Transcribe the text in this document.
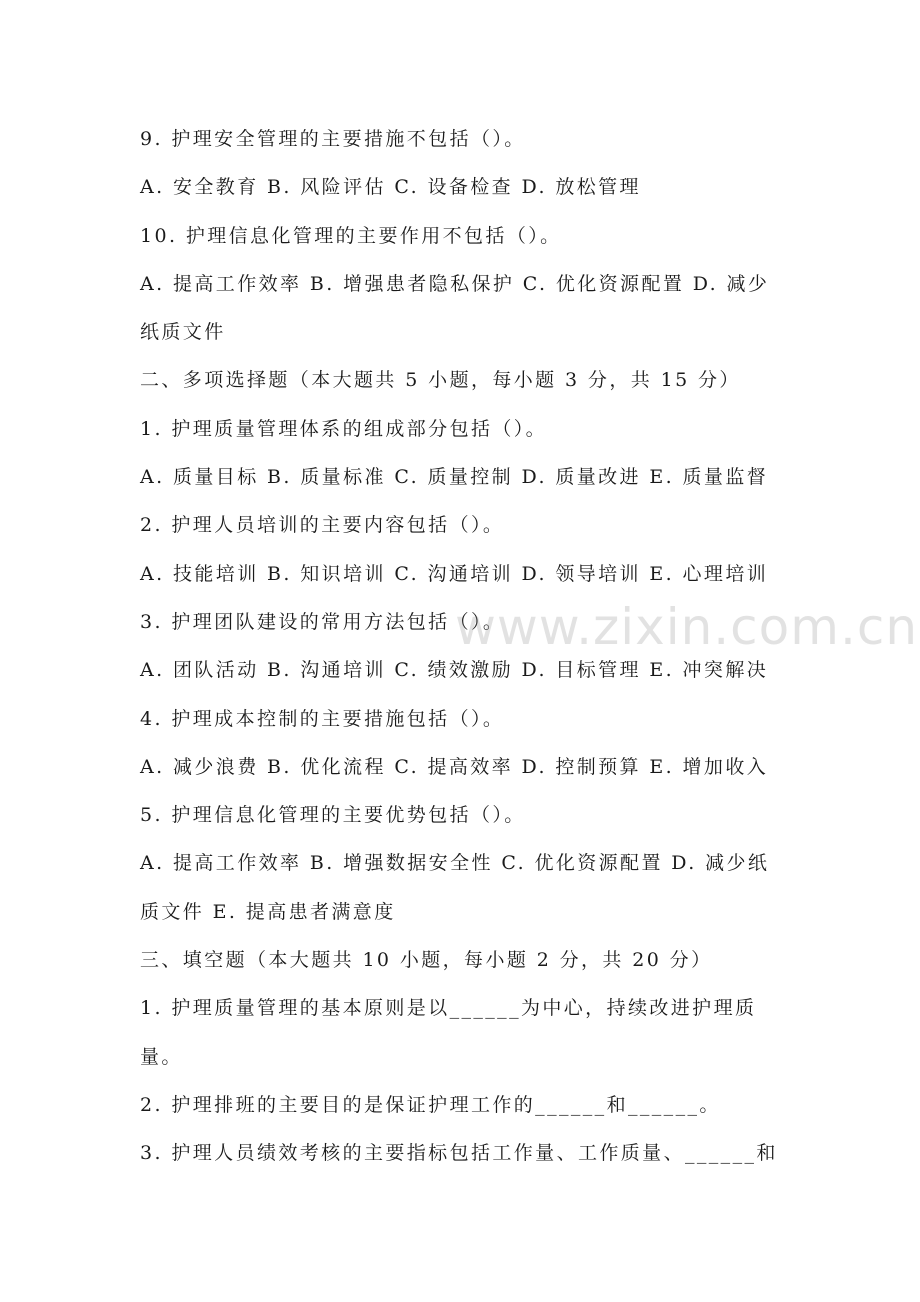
9. 护理安全管理的主要措施不包括（）。
A. 安全教育 B. 风险评估 C. 设备检查 D. 放松管理
10. 护理信息化管理的主要作用不包括（）。
A. 提高工作效率 B. 增强患者隐私保护 C. 优化资源配置 D. 减少
纸质文件
二、多项选择题（本大题共 5 小题，每小题 3 分，共 15 分）
1. 护理质量管理体系的组成部分包括（）。
A. 质量目标 B. 质量标准 C. 质量控制 D. 质量改进 E. 质量监督
2. 护理人员培训的主要内容包括（）。
A. 技能培训 B. 知识培训 C. 沟通培训 D. 领导培训 E. 心理培训
3. 护理团队建设的常用方法包括（）。
A. 团队活动 B. 沟通培训 C. 绩效激励 D. 目标管理 E. 冲突解决
4. 护理成本控制的主要措施包括（）。
A. 减少浪费 B. 优化流程 C. 提高效率 D. 控制预算 E. 增加收入
5. 护理信息化管理的主要优势包括（）。
A. 提高工作效率 B. 增强数据安全性 C. 优化资源配置 D. 减少纸
质文件 E. 提高患者满意度
三、填空题（本大题共 10 小题，每小题 2 分，共 20 分）
1. 护理质量管理的基本原则是以______为中心，持续改进护理质
量。
2. 护理排班的主要目的是保证护理工作的______和______。
3. 护理人员绩效考核的主要指标包括工作量、工作质量、______和
www.zixin.com.cn
